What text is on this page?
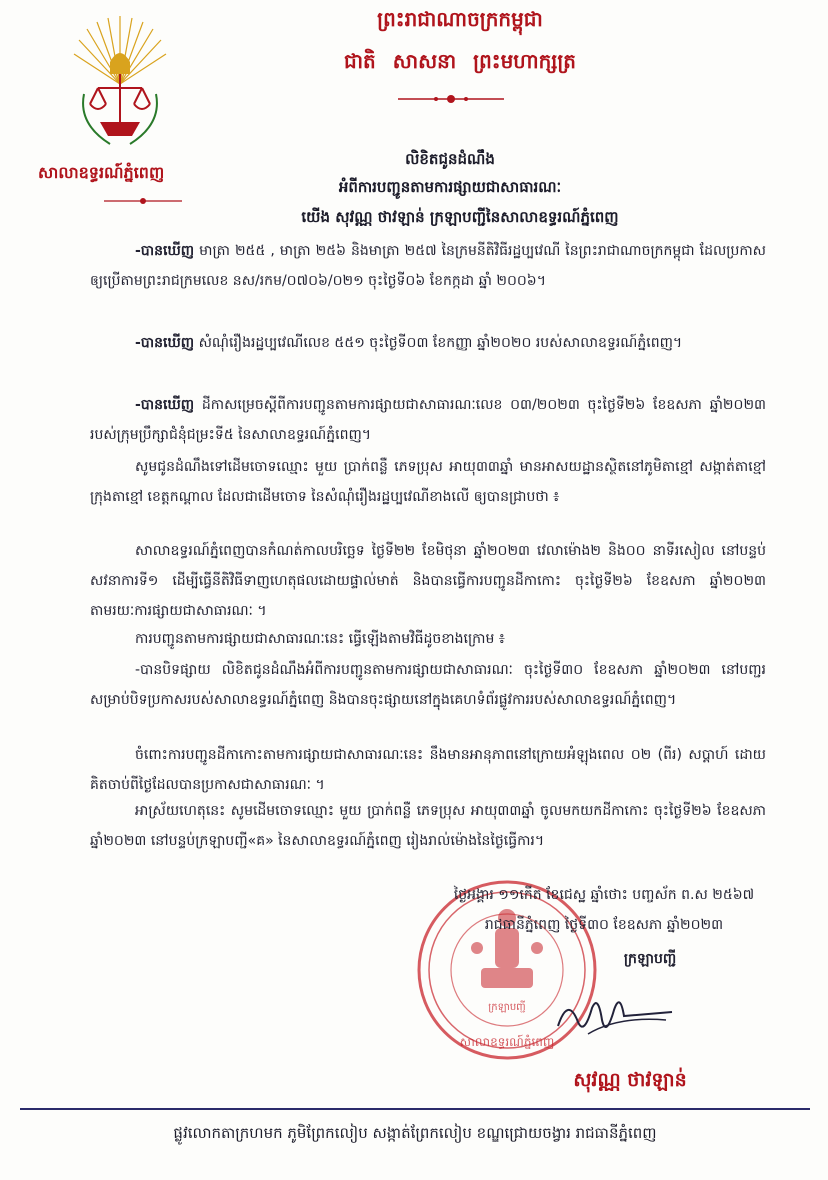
ព្រះរាជាណាចក្រកម្ពុជា
ជាតិ សាសនា ព្រះមហាក្សត្រ
សាលាឧទ្ធរណ៍ភ្នំពេញ
លិខិតជូនដំណឹង
អំពីការបញ្ជូនតាមការផ្សាយជាសាធារណៈ
យើង សុវណ្ណ ថាវឡាន់ ក្រឡាបញ្ជីនៃសាលាឧទ្ធរណ៍ភ្នំពេញ
-បានឃើញ មាត្រា ២៥៥ , មាត្រា ២៥៦ និងមាត្រា ២៥៧ នៃក្រមនីតិវិធីរដ្ឋប្បវេណី នៃព្រះរាជាណាចក្រកម្ពុជា ដែលប្រកាសឲ្យប្រើតាមព្រះរាជក្រមលេខ នស/រកម/០៧០៦/០២១ ចុះថ្ងៃទី០៦ ខែកក្កដា ឆ្នាំ ២០០៦។
-បានឃើញ សំណុំរឿងរដ្ឋប្បវេណីលេខ ៥៥១ ចុះថ្ងៃទី០៣ ខែកញ្ញា ឆ្នាំ២០២០ របស់សាលាឧទ្ធរណ៍ភ្នំពេញ។
-បានឃើញ ដីកាសម្រេចស្តីពីការបញ្ជូនតាមការផ្សាយជាសាធារណៈលេខ ០៣/២០២៣ ចុះថ្ងៃទី២៦ ខែឧសភា ឆ្នាំ២០២៣ របស់ក្រុមប្រឹក្សាជំនុំជម្រះទី៥ នៃសាលាឧទ្ធរណ៍ភ្នំពេញ។
សូមជូនដំណឹងទៅដើមចោទឈ្មោះ មួយ ប្រាក់ពន្លឺ ភេទប្រុស អាយុ៣៣ឆ្នាំ មានអាសយដ្ឋានស្ថិតនៅភូមិតាខ្មៅ សង្កាត់តាខ្មៅ ក្រុងតាខ្មៅ ខេត្តកណ្តាល ដែលជាដើមចោទ នៃសំណុំរឿងរដ្ឋប្បវេណីខាងលើ ឲ្យបានជ្រាបថា ៖
សាលាឧទ្ធរណ៍ភ្នំពេញបានកំណត់កាលបរិច្ឆេទ ថ្ងៃទី២២ ខែមិថុនា ឆ្នាំ២០២៣ វេលាម៉ោង២ និង០០ នាទីរសៀល នៅបន្ទប់សវនាការទី១ ដើម្បីធ្វើនីតិវិធីទាញហេតុផលដោយផ្ទាល់មាត់ និងបានធ្វើការបញ្ជូនដីកាកោះ ចុះថ្ងៃទី២៦ ខែឧសភា ឆ្នាំ២០២៣ តាមរយៈការផ្សាយជាសាធារណៈ ។
ការបញ្ជូនតាមការផ្សាយជាសាធារណៈនេះ ធ្វើឡើងតាមវិធីដូចខាងក្រោម ៖
-បានបិទផ្សាយ លិខិតជូនដំណឹងអំពីការបញ្ជូនតាមការផ្សាយជាសាធារណៈ ចុះថ្ងៃទី៣០ ខែឧសភា ឆ្នាំ២០២៣ នៅបញ្ជរសម្រាប់បិទប្រកាសរបស់សាលាឧទ្ធរណ៍ភ្នំពេញ និងបានចុះផ្សាយនៅក្នុងគេហទំព័រផ្លូវការរបស់សាលាឧទ្ធរណ៍ភ្នំពេញ។
ចំពោះការបញ្ជូនដីកាកោះតាមការផ្សាយជាសាធារណៈនេះ នឹងមានអានុភាពនៅក្រោយអំឡុងពេល ០២ (ពីរ) សប្តាហ៍ ដោយគិតចាប់ពីថ្ងៃដែលបានប្រកាសជាសាធារណៈ ។
អាស្រ័យហេតុនេះ សូមដើមចោទឈ្មោះ មួយ ប្រាក់ពន្លឺ ភេទប្រុស អាយុ៣៣ឆ្នាំ ចូលមកយកដីកាកោះ ចុះថ្ងៃទី២៦ ខែឧសភា ឆ្នាំ២០២៣ នៅបន្ទប់ក្រឡាបញ្ជី«គ» នៃសាលាឧទ្ធរណ៍ភ្នំពេញ រៀងរាល់ម៉ោងនៃថ្ងៃធ្វើការ។
សាលាឧទ្ធរណ៍ភ្នំពេញ
ក្រឡាបញ្ជី
ថ្ងៃអង្គារ ១១កើត ខែជេស្ឋ ឆ្នាំថោះ បញ្ចស័ក ព.ស ២៥៦៧
រាជធានីភ្នំពេញ ថ្ងៃទី៣០ ខែឧសភា ឆ្នាំ២០២៣
ក្រឡាបញ្ជី
សុវណ្ណ ថាវឡាន់
ផ្លូវលោកតាក្រហមក ភូមិព្រែកលៀប សង្កាត់ព្រែកលៀប ខណ្ឌជ្រោយចង្វារ រាជធានីភ្នំពេញ
